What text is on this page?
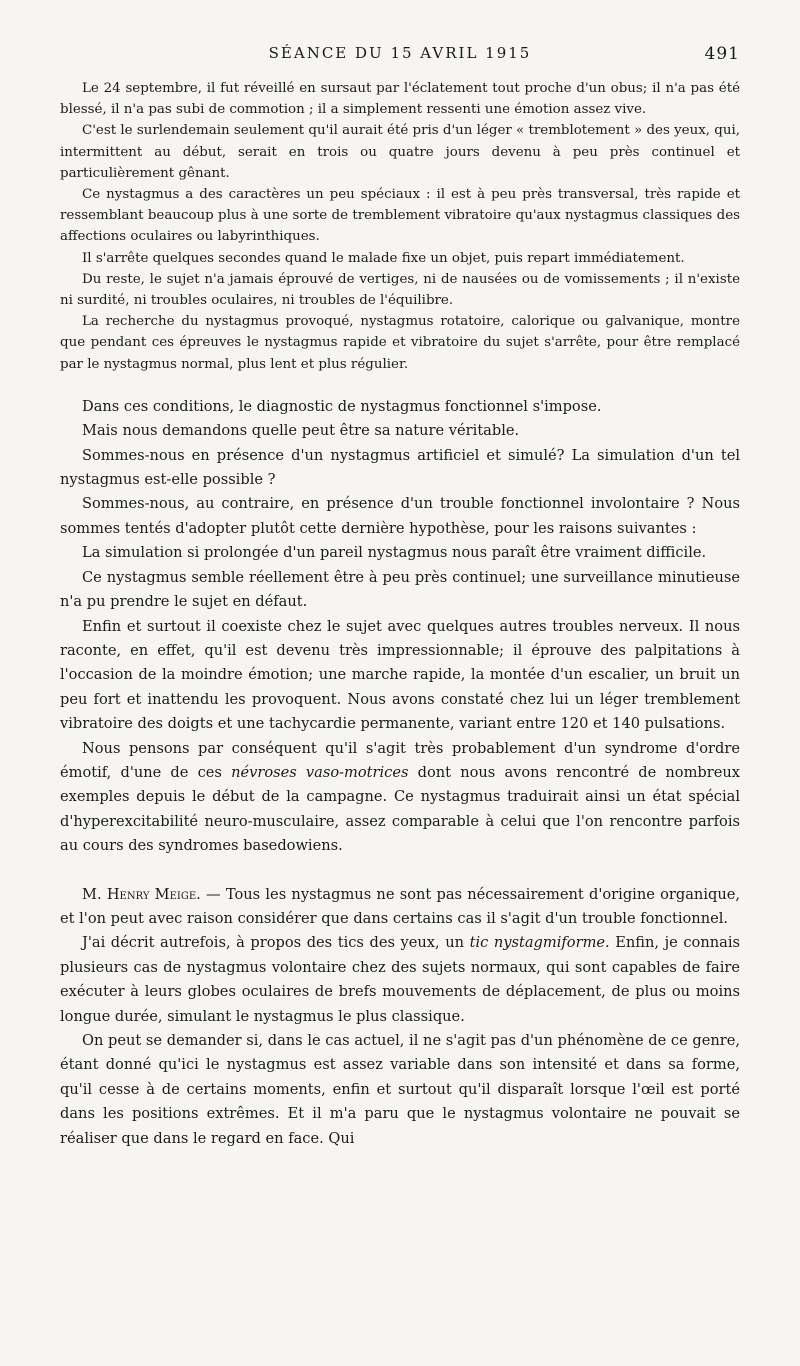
SÉANCE DU 15 AVRIL 1915	491

Le 24 septembre, il fut réveillé en sursaut par l'éclatement tout proche d'un obus; il n'a pas été blessé, il n'a pas subi de commotion ; il a simplement ressenti une émotion assez vive.

C'est le surlendemain seulement qu'il aurait été pris d'un léger « tremblotement » des yeux, qui, intermittent au début, serait en trois ou quatre jours devenu à peu près continuel et particulièrement gênant.

Ce nystagmus a des caractères un peu spéciaux : il est à peu près transversal, très rapide et ressemblant beaucoup plus à une sorte de tremblement vibratoire qu'aux nystagmus classiques des affections oculaires ou labyrinthiques.

Il s'arrête quelques secondes quand le malade fixe un objet, puis repart immédiatement.

Du reste, le sujet n'a jamais éprouvé de vertiges, ni de nausées ou de vomissements ; il n'existe ni surdité, ni troubles oculaires, ni troubles de l'équilibre.

La recherche du nystagmus provoqué, nystagmus rotatoire, calorique ou galvanique, montre que pendant ces épreuves le nystagmus rapide et vibratoire du sujet s'arrête, pour être remplacé par le nystagmus normal, plus lent et plus régulier.

Dans ces conditions, le diagnostic de nystagmus fonctionnel s'impose.

Mais nous demandons quelle peut être sa nature véritable.

Sommes-nous en présence d'un nystagmus artificiel et simulé? La simulation d'un tel nystagmus est-elle possible ?

Sommes-nous, au contraire, en présence d'un trouble fonctionnel involontaire ? Nous sommes tentés d'adopter plutôt cette dernière hypothèse, pour les raisons suivantes :

La simulation si prolongée d'un pareil nystagmus nous paraît être vraiment difficile.

Ce nystagmus semble réellement être à peu près continuel; une surveillance minutieuse n'a pu prendre le sujet en défaut.

Enfin et surtout il coexiste chez le sujet avec quelques autres troubles nerveux. Il nous raconte, en effet, qu'il est devenu très impressionnable; il éprouve des palpitations à l'occasion de la moindre émotion; une marche rapide, la montée d'un escalier, un bruit un peu fort et inattendu les provoquent. Nous avons constaté chez lui un léger tremblement vibratoire des doigts et une tachycardie permanente, variant entre 120 et 140 pulsations.

Nous pensons par conséquent qu'il s'agit très probablement d'un syndrome d'ordre émotif, d'une de ces névroses vaso-motrices dont nous avons rencontré de nombreux exemples depuis le début de la campagne. Ce nystagmus traduirait ainsi un état spécial d'hyperexcitabilité neuro-musculaire, assez comparable à celui que l'on rencontre parfois au cours des syndromes basedowiens.

M. Henry Meige. — Tous les nystagmus ne sont pas nécessairement d'origine organique, et l'on peut avec raison considérer que dans certains cas il s'agit d'un trouble fonctionnel.

J'ai décrit autrefois, à propos des tics des yeux, un tic nystagmiforme. Enfin, je connais plusieurs cas de nystagmus volontaire chez des sujets normaux, qui sont capables de faire exécuter à leurs globes oculaires de brefs mouvements de déplacement, de plus ou moins longue durée, simulant le nystagmus le plus classique.

On peut se demander si, dans le cas actuel, il ne s'agit pas d'un phénomène de ce genre, étant donné qu'ici le nystagmus est assez variable dans son intensité et dans sa forme, qu'il cesse à de certains moments, enfin et surtout qu'il disparaît lorsque l'œil est porté dans les positions extrêmes. Et il m'a paru que le nystagmus volontaire ne pouvait se réaliser que dans le regard en face. Qui
